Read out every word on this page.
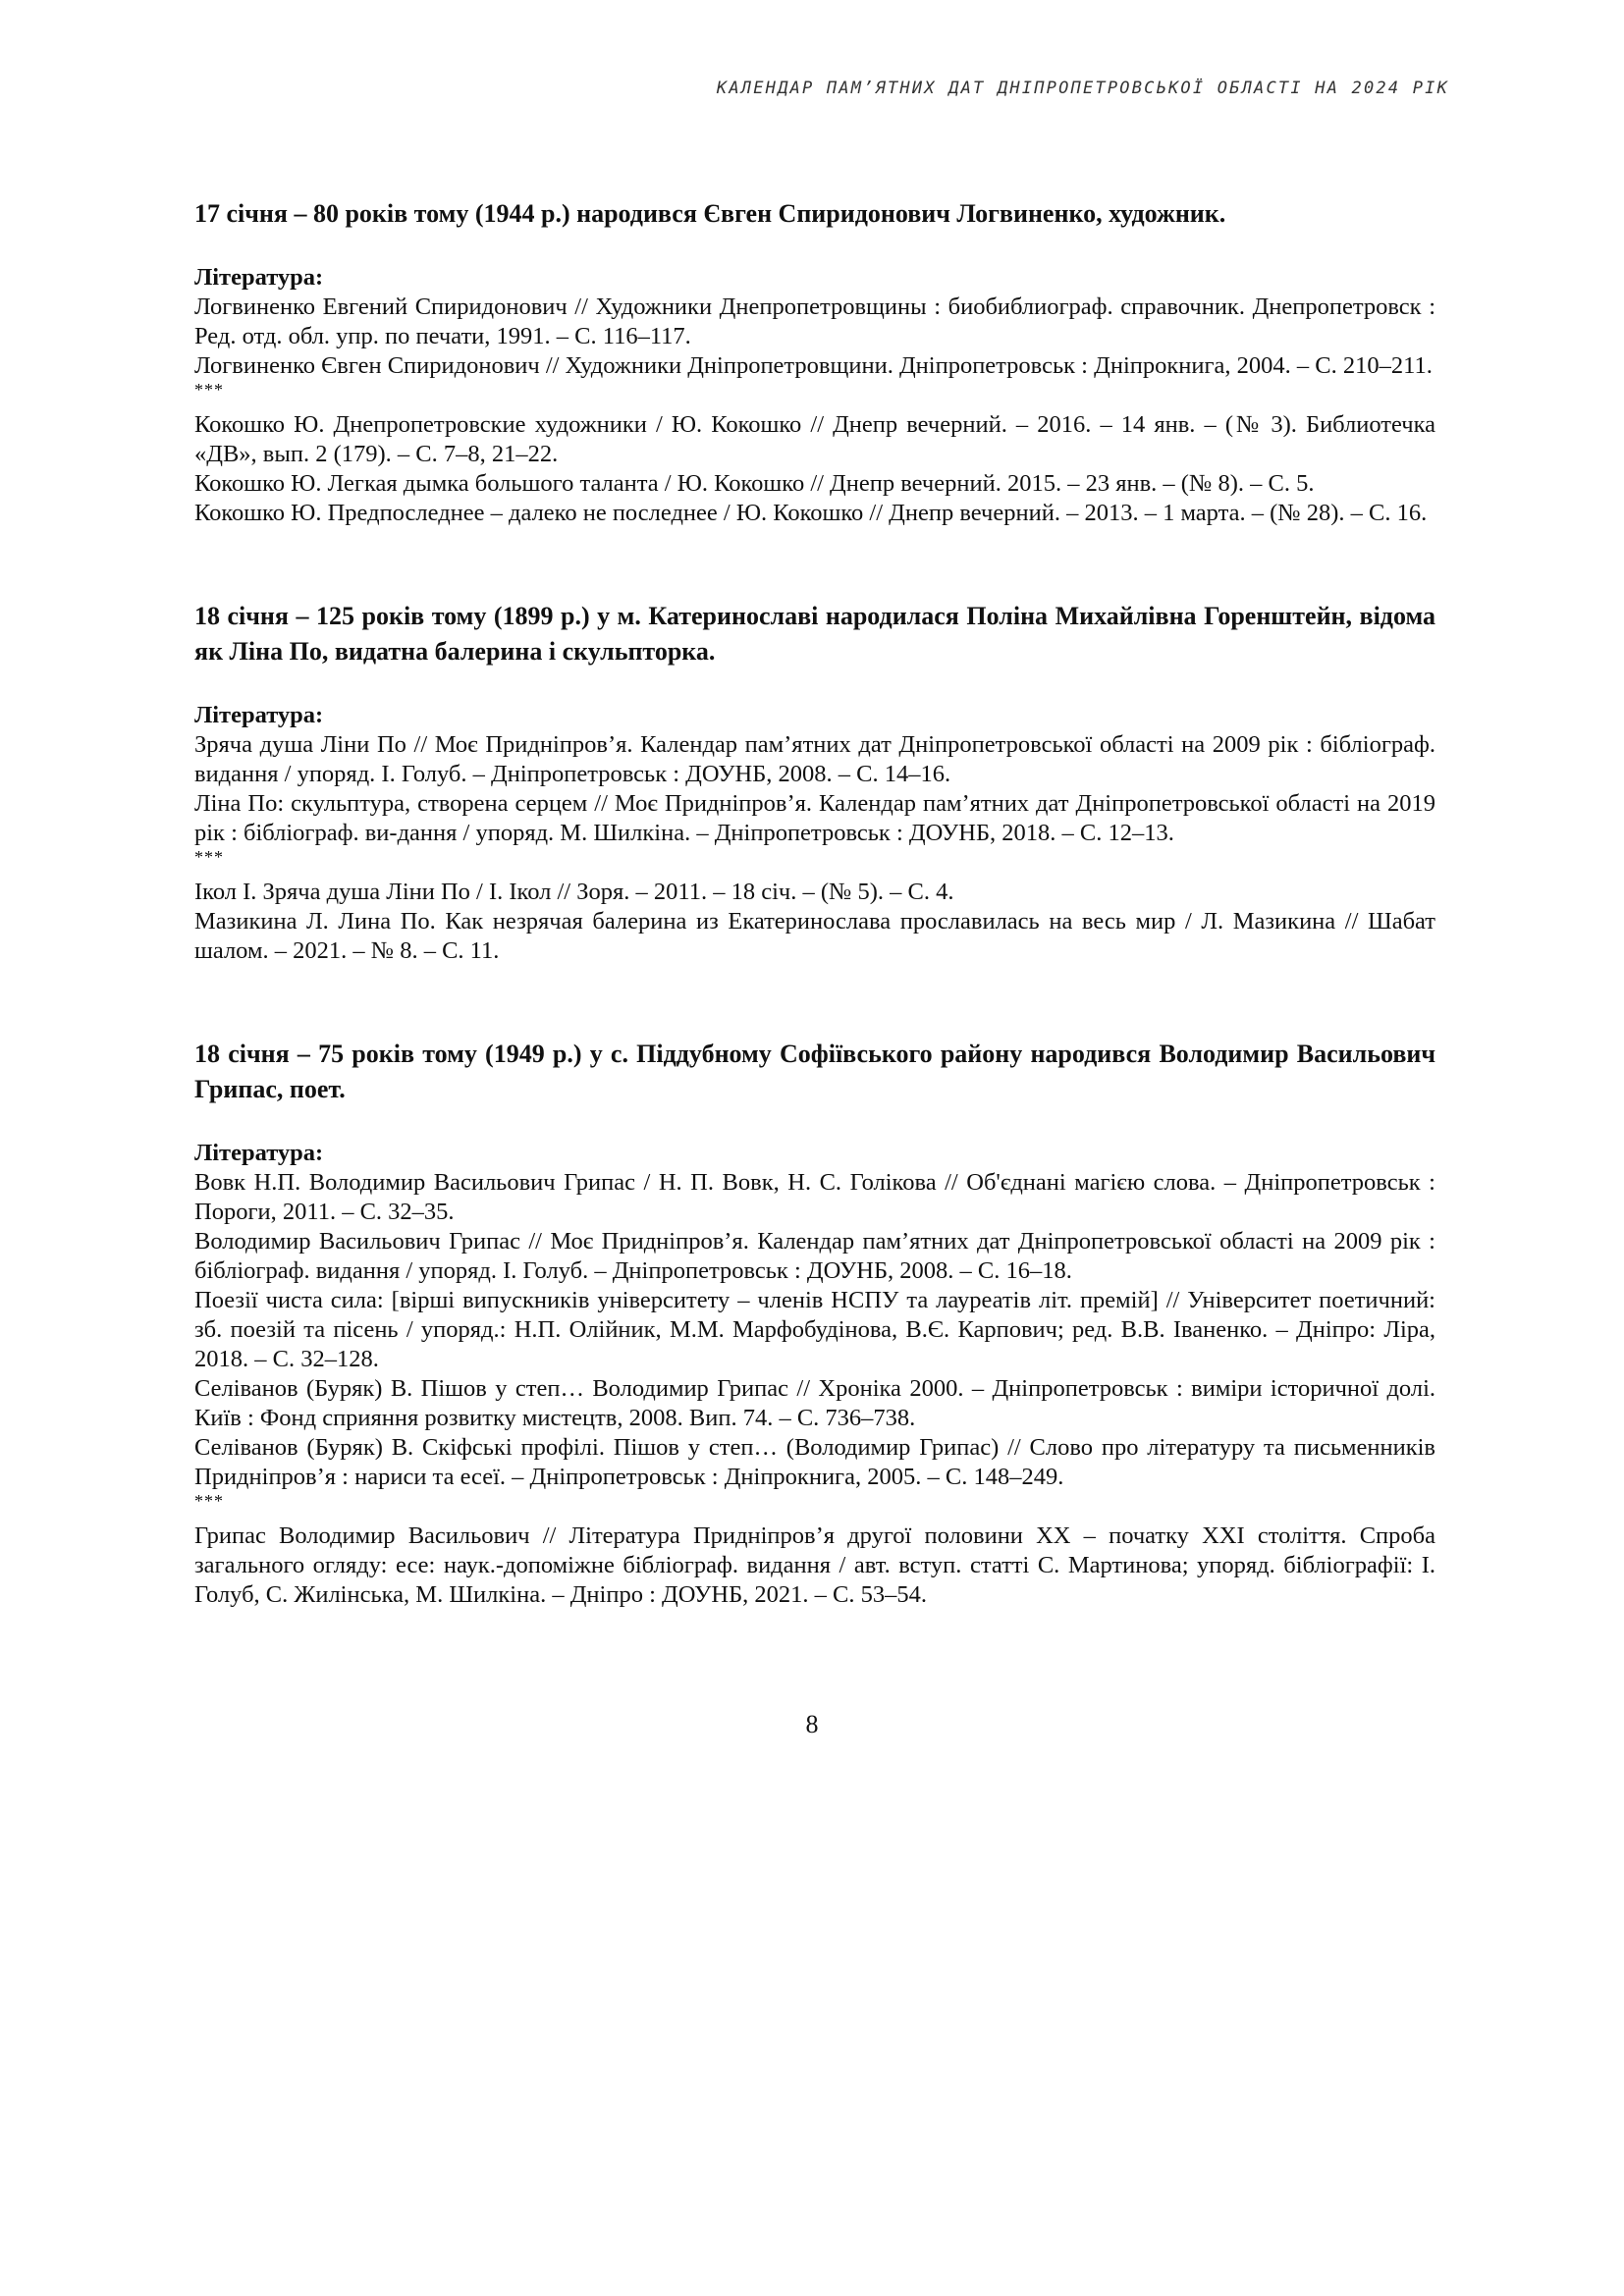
КАЛЕНДАР ПАМ’ЯТНИХ ДАТ ДНІПРОПЕТРОВСЬКОЇ ОБЛАСТІ НА 2024 РІК

17 січня – 80 років тому (1944 р.) народився Євген Спиридонович Логвиненко, художник.

Література:

Логвиненко Евгений Спиридонович // Художники Днепропетровщины : биобиблиограф. справочник. Днепропетровск : Ред. отд. обл. упр. по печати, 1991. – С. 116–117.

Логвиненко Євген Спиридонович // Художники Дніпропетровщини. Дніпропетровськ : Дніпрокнига, 2004. – С. 210–211.

***

Кокошко Ю. Днепропетровские художники / Ю. Кокошко // Днепр вечерний. – 2016. – 14 янв. – (№ 3). Библиотечка «ДВ», вып. 2 (179). – С. 7–8, 21–22.

Кокошко Ю. Легкая дымка большого таланта / Ю. Кокошко // Днепр вечерний. 2015. – 23 янв. – (№ 8). – С. 5.

Кокошко Ю. Предпоследнее – далеко не последнее / Ю. Кокошко // Днепр вечерний. – 2013. – 1 марта. – (№ 28). – С. 16.

18 січня – 125 років тому (1899 р.) у м. Катеринославі народилася Поліна Михайлівна Горенштейн, відома як Ліна По, видатна балерина і скульпторка.

Література:

Зряча душа Ліни По // Моє Придніпров’я. Календар пам’ятних дат Дніпропетровської області на 2009 рік : бібліограф. видання / упоряд. І. Голуб. – Дніпропетровськ : ДОУНБ, 2008. – С. 14–16.

Ліна По: скульптура, створена серцем // Моє Придніпров’я. Календар пам’ятних дат Дніпропетровської області на 2019 рік : бібліограф. ви-дання / упоряд. М. Шилкіна. – Дніпропетровськ : ДОУНБ, 2018. – С. 12–13.

***

Ікол І. Зряча душа Ліни По / І. Ікол // Зоря. – 2011. – 18 січ. – (№ 5). – С. 4.

Мазикина Л. Лина По. Как незрячая балерина из Екатеринослава прославилась на весь мир / Л. Мазикина // Шабат шалом. – 2021. – № 8. – С. 11.

18 січня – 75 років тому (1949 р.) у с. Піддубному Софіївського району народився Володимир Васильович Грипас, поет.

Література:

Вовк Н.П. Володимир Васильович Грипас / Н. П. Вовк, Н. С. Голікова // Об'єднані магією слова. – Дніпропетровськ : Пороги, 2011. – С. 32–35.

Володимир Васильович Грипас // Моє Придніпров’я. Календар пам’ятних дат Дніпропетровської області на 2009 рік : бібліограф. видання / упоряд. І. Голуб. – Дніпропетровськ : ДОУНБ, 2008. – С. 16–18.

Поезії чиста сила: [вірші випускників університету – членів НСПУ та лауреатів літ. премій] // Університет поетичний: зб. поезій та пісень / упоряд.: Н.П. Олійник, М.М. Марфобудінова, В.Є. Карпович; ред. В.В. Іваненко. – Дніпро: Ліра, 2018. – С. 32–128.

Селіванов (Буряк) В. Пішов у степ… Володимир Грипас // Хроніка 2000. – Дніпропетровськ : виміри історичної долі. Київ : Фонд сприяння розвитку мистецтв, 2008. Вип. 74. – С. 736–738.

Селіванов (Буряк) В. Скіфські профілі. Пішов у степ… (Володимир Грипас) // Слово про літературу та письменників Придніпров’я : нариси та есеї. – Дніпропетровськ : Дніпрокнига, 2005. – С. 148–249.

***

Грипас Володимир Васильович // Література Придніпров’я другої половини ХХ – початку ХХІ століття. Спроба загального огляду: есе: наук.-допоміжне бібліограф. видання / авт. вступ. статті С. Мартинова; упоряд. бібліографії: І. Голуб, С. Жилінська, М. Шилкіна. – Дніпро : ДОУНБ, 2021. – С. 53–54.

8
